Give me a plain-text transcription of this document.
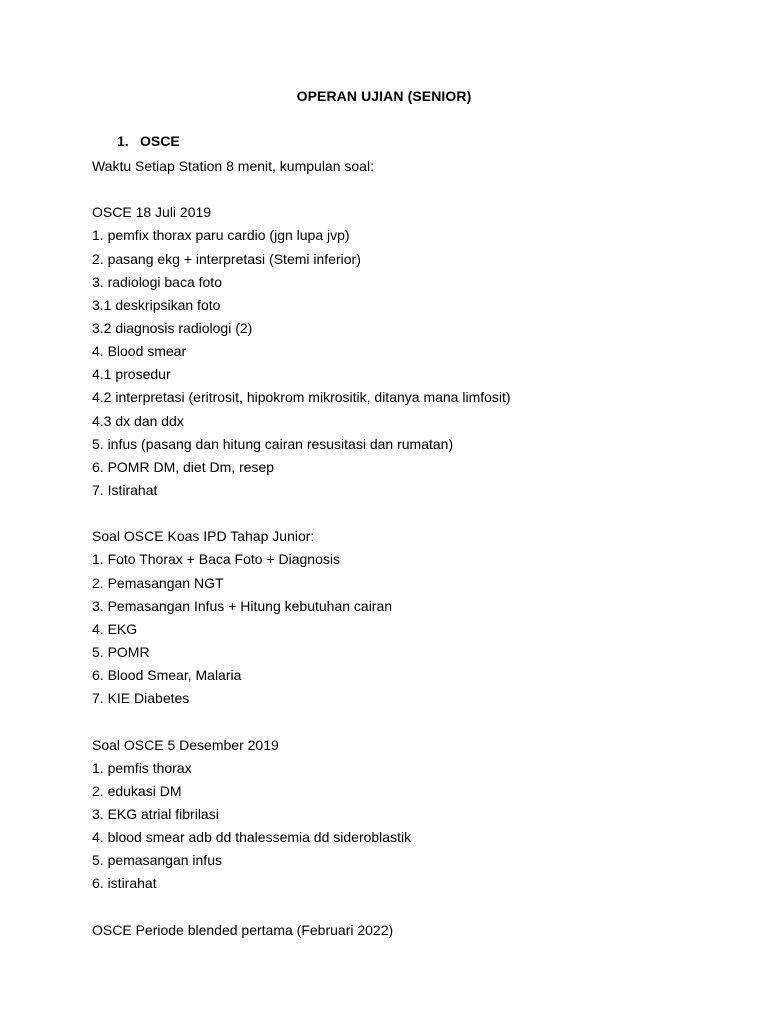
OPERAN UJIAN (SENIOR)
1. OSCE
Waktu Setiap Station 8 menit, kumpulan soal:
OSCE 18 Juli 2019
1. pemfix thorax paru cardio (jgn lupa jvp)
2. pasang ekg + interpretasi (Stemi inferior)
3. radiologi baca foto
3.1 deskripsikan foto
3.2 diagnosis radiologi (2)
4. Blood smear
4.1 prosedur
4.2 interpretasi (eritrosit, hipokrom mikrositik, ditanya mana limfosit)
4.3 dx dan ddx
5. infus (pasang dan hitung cairan resusitasi dan rumatan)
6. POMR DM, diet Dm, resep
7. Istirahat
Soal OSCE Koas IPD Tahap Junior:
1. Foto Thorax + Baca Foto + Diagnosis
2. Pemasangan NGT
3. Pemasangan Infus + Hitung kebutuhan cairan
4. EKG
5. POMR
6. Blood Smear, Malaria
7. KIE Diabetes
Soal OSCE 5 Desember 2019
1. pemfis thorax
2. edukasi DM
3. EKG atrial fibrilasi
4. blood smear adb dd thalessemia dd sideroblastik
5. pemasangan infus
6. istirahat
OSCE Periode blended pertama (Februari 2022)
